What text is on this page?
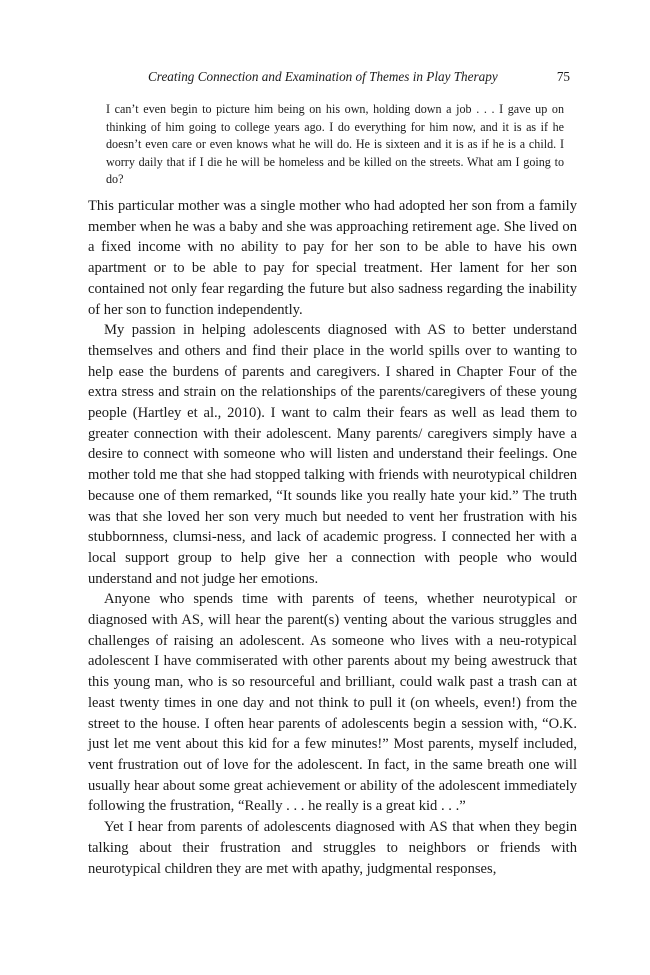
Creating Connection and Examination of Themes in Play Therapy	75

I can’t even begin to picture him being on his own, holding down a job . . . I gave up on thinking of him going to college years ago. I do everything for him now, and it is as if he doesn’t even care or even knows what he will do. He is sixteen and it is as if he is a child. I worry daily that if I die he will be homeless and be killed on the streets. What am I going to do?

This particular mother was a single mother who had adopted her son from a family member when he was a baby and she was approaching retirement age. She lived on a fixed income with no ability to pay for her son to be able to have his own apartment or to be able to pay for special treatment. Her lament for her son contained not only fear regarding the future but also sadness regarding the inability of her son to function independently.

My passion in helping adolescents diagnosed with AS to better understand themselves and others and find their place in the world spills over to wanting to help ease the burdens of parents and caregivers. I shared in Chapter Four of the extra stress and strain on the relationships of the parents/caregivers of these young people (Hartley et al., 2010). I want to calm their fears as well as lead them to greater connection with their adolescent. Many parents/ caregivers simply have a desire to connect with someone who will listen and understand their feelings. One mother told me that she had stopped talking with friends with neurotypical children because one of them remarked, “It sounds like you really hate your kid.” The truth was that she loved her son very much but needed to vent her frustration with his stubbornness, clumsi-ness, and lack of academic progress. I connected her with a local support group to help give her a connection with people who would understand and not judge her emotions.

Anyone who spends time with parents of teens, whether neurotypical or diagnosed with AS, will hear the parent(s) venting about the various struggles and challenges of raising an adolescent. As someone who lives with a neu-rotypical adolescent I have commiserated with other parents about my being awestruck that this young man, who is so resourceful and brilliant, could walk past a trash can at least twenty times in one day and not think to pull it (on wheels, even!) from the street to the house. I often hear parents of adolescents begin a session with, “O.K. just let me vent about this kid for a few minutes!” Most parents, myself included, vent frustration out of love for the adolescent. In fact, in the same breath one will usually hear about some great achievement or ability of the adolescent immediately following the frustration, “Really . . . he really is a great kid . . .”

Yet I hear from parents of adolescents diagnosed with AS that when they begin talking about their frustration and struggles to neighbors or friends with neurotypical children they are met with apathy, judgmental responses,
